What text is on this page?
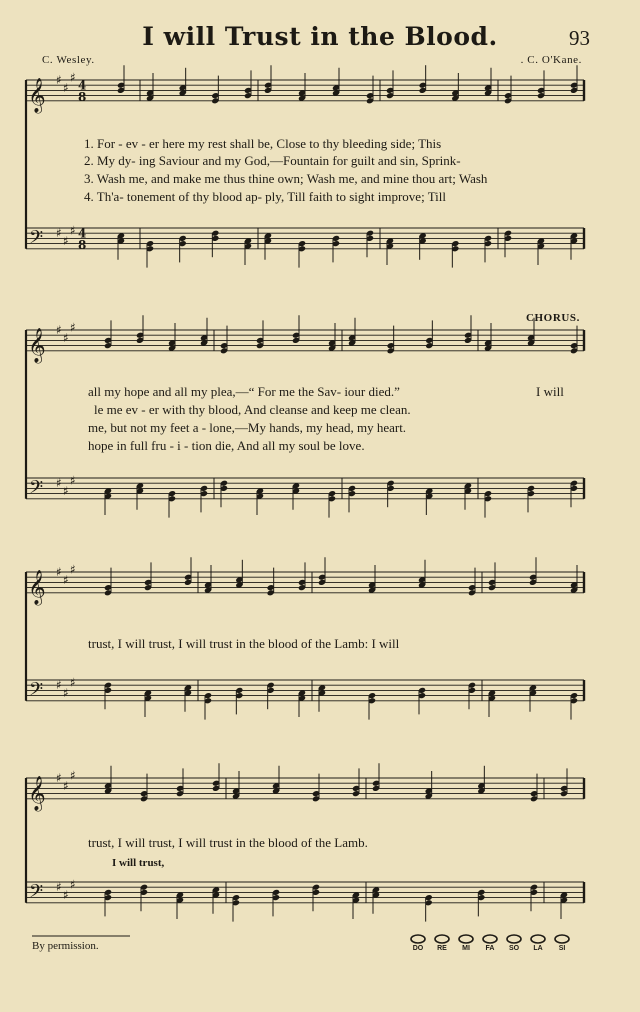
I will Trust in the Blood.	93
C. Wesley.	. C. O'Kane.
CHORUS.
𝄞 ♯
♯
♯
4
8
𝄢 ♯
♯
♯ 4
8
𝄞 ♯
♯
♯
𝄢 ♯
♯
♯
𝄞 ♯
♯
♯
𝄢 ♯
♯
♯
𝄞 ♯
♯
♯
𝄢 ♯
♯
♯
1. For - ev - er here my rest shall be, Close to thy bleeding side; This
2. My dy- ing Saviour and my God,—Fountain for guilt and sin, Sprink-
3. Wash me, and make me thus thine own; Wash me, and mine thou art; Wash
4. Th'a- tonement of thy blood ap- ply, Till faith to sight improve; Till
all my hope and all my plea,—“ For me the Sav- iour died.”
le me ev - er with thy blood, And cleanse and keep me clean.
me, but not my feet a - lone,—My hands, my head, my heart.
hope in full fru - i - tion die, And all my soul be love.
I will
trust, I will trust, I will trust in the blood of the Lamb: I will
trust, I will trust, I will trust in the blood of the Lamb.
I will trust,
By permission.	DO	RE	MI	FA	SO	LA	SI
